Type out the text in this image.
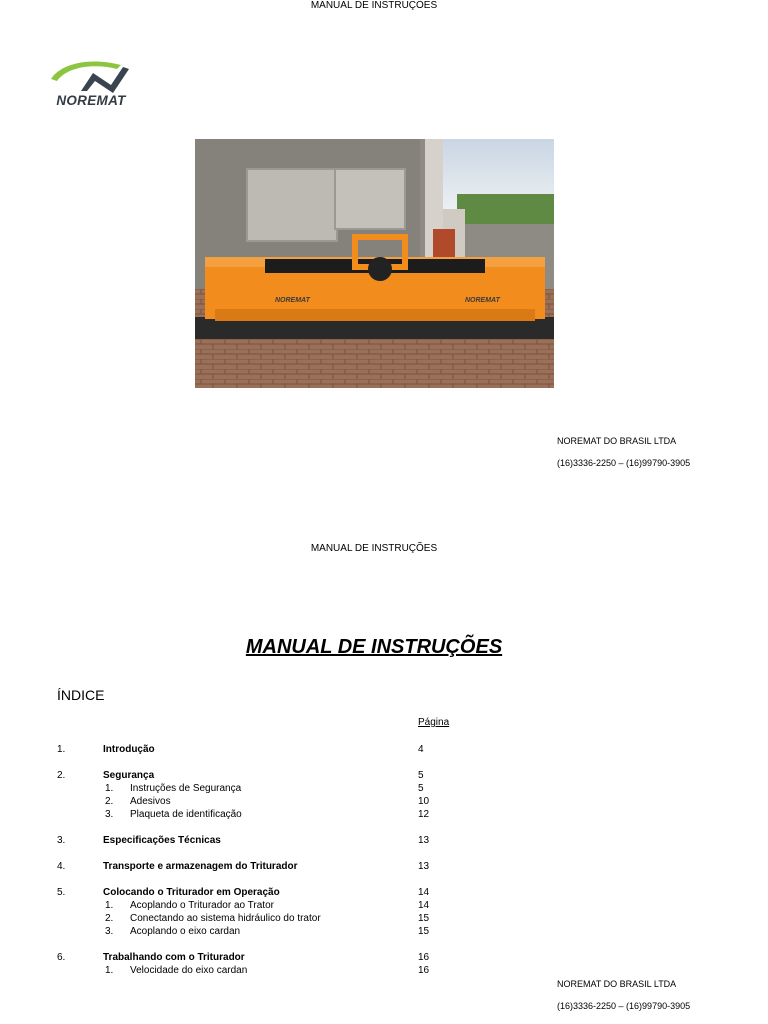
MANUAL DE INSTRUÇÕES
NOREMAT
NOREMAT	NOREMAT
NOREMAT DO BRASIL LTDA
(16)3336-2250 – (16)99790-3905
MANUAL DE INSTRUÇÕES
MANUAL DE INSTRUÇÕES
ÍNDICE
Página
1.	Introdução	4
2.	Segurança	5
1. Instruções de Segurança	5
2. Adesivos	10
3. Plaqueta de identificação	12
3.	Especificações Técnicas	13
4.	Transporte e armazenagem do Triturador	13
5.	Colocando o Triturador em Operação	14
1. Acoplando o Triturador ao Trator	14
2. Conectando ao sistema hidráulico do trator	15
3. Acoplando o eixo cardan	15
6.	Trabalhando com o Triturador	16
1. Velocidade do eixo cardan	16
NOREMAT DO BRASIL LTDA
(16)3336-2250 – (16)99790-3905
